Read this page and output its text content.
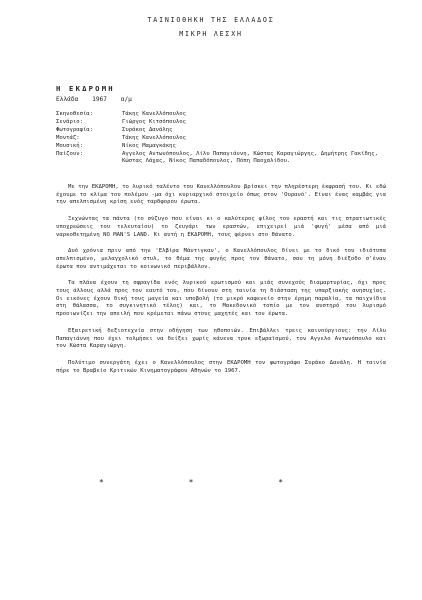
ΤΑΙΝΙΟΘΗΚΗ ΤΗΣ ΕΛΛΑΔΟΣ
ΜΙΚΡΗ ΛΕΣΧΗ
Η ΕΚΔΡΟΜΗ
Ελλάδα 1967 α/μ
Σκηνοθεσία:	Τάκης Κανελλόπουλος
Σενάριο:	Γιώργος Κιτσόπουλος
Φωτογραφία:	Συράκος Δανάλης
Μοντάζ:	Τάκης Κανελλόπουλος
Μουσική:	Νίκος Μαμαγκάκης
Παίζουν:	Αγγελος Αντωνόπουλος, Λίλυ Παπαγιάννη, Κώστας Καραγιώργης, Δημήτρης Γακίδης, Κώστας Λάχας, Νίκος Παπαδόπουλος, Πόπη Παοχαλίδου.

Με την ΕΚΔΡΟΜΗ, το λυρικό ταλέντο του Κανελλόπουλου βρίσκει την πληρέστερη έκφρασή του. Κι εδώ έχουμε το κλίμα του πολέμου -μα όχι κυριαρχικό στοιχείο όπως στον 'Ουρανό'. Είναι ένας καμβάς για την απελπισμένη κρίση ενός ταρδφορου έρωτα.

Ξεχνώντας τα πάντα (το σύζυγο που είναι κι ο καλύτερος φίλος του εραστή και τις στρατιωτικές υποχρεώσεις του τελευταίου) το ζευγάρι των εραστών, επιχειρεί μιά 'φυγή' μέσα από μιά ναρκοθετημένη NO MAN'S LAND. Κι αυτή η ΕΚΔΡΟΜΗ, τους φέρνει στο θάνατο.

Δυό χρόνια πριν από την 'Ελβίρα Μάντιγκαν', ο Κανελλόπουλος δίνει με το δικό του ιδιότυπα απελπισμένο, μελαγχολικό στυλ, το θέμα της φυγής προς τον θάνατο, σαν τη μόνη διέξοδο σ'έναν έρωτα που αντιμάχεται το κοινωνικό περιβάλλον.

Τα πλάνα έχουν τη σφραγίδα ενός λυρικού ερωτισμού και μιάς συνεχούς διαμαρτυρίας, όχι προς τους άλλους αλλά προς τον εαυτό του, που δίνουν στη ταινία τη διάσταση της υπαρξιακής ανησυχίας. Οι εικόνες έχουν δική τους μαγεία και υποβολή (το μικρό καφενείο στην έρημη παραλία, τα παιχνίδια στη θάλασσα, το συγκινητικό τέλος) και, το Μακεδονικό τοπίο με τον αυστηρό του λυρισμό προοιωνίζει την απειλή που κρέμεται πάνω στους μαχητές και τον έρωτα.

Εξαιρετική δεξιοτεχνία στην οδήγηση των ηθοποιών. Επιβάλλει τρεις καινούργιους: την Λίλυ Παπαγιάννη που έχει τολμήσει να δείξει χωρίς κάνενα τρυκ εξωραϊσμού, τον Αγγελο Αντωνόπουλο και τον Κώστα Καραγιώργη.

Πολύτιμο συνεργάτη έχει ο Κανελλόπουλος στην ΕΚΔΡΟΜΗ τον φωτογράφο Συράκο Δανάλη. Η ταινία πήρε το Βραβείο Κριτικών Κινηματογράφου Αθηνών το 1967.

* * *
